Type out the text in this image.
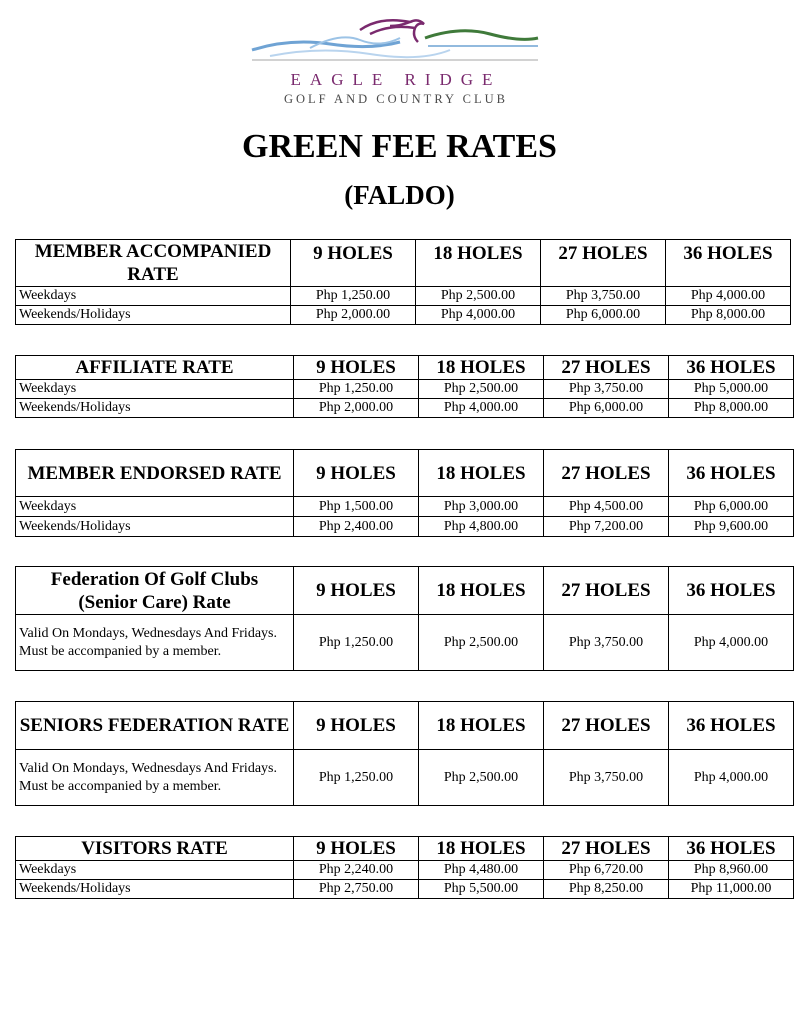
EAGLE RIDGE
GOLF AND COUNTRY CLUB
GREEN FEE RATES
(FALDO)
MEMBER ACCOMPANIED RATE	9 HOLES	18 HOLES	27 HOLES	36 HOLES
Weekdays	Php 1,250.00	Php 2,500.00	Php 3,750.00	Php 4,000.00
Weekends/Holidays	Php 2,000.00	Php 4,000.00	Php 6,000.00	Php 8,000.00
AFFILIATE RATE	9 HOLES	18 HOLES	27 HOLES	36 HOLES
Weekdays	Php 1,250.00	Php 2,500.00	Php 3,750.00	Php 5,000.00
Weekends/Holidays	Php 2,000.00	Php 4,000.00	Php 6,000.00	Php 8,000.00
MEMBER ENDORSED RATE	9 HOLES	18 HOLES	27 HOLES	36 HOLES
Weekdays	Php 1,500.00	Php 3,000.00	Php 4,500.00	Php 6,000.00
Weekends/Holidays	Php 2,400.00	Php 4,800.00	Php 7,200.00	Php 9,600.00
Federation Of Golf Clubs (Senior Care) Rate	9 HOLES	18 HOLES	27 HOLES	36 HOLES
Valid On Mondays, Wednesdays And Fridays. Must be accompanied by a member.	Php 1,250.00	Php 2,500.00	Php 3,750.00	Php 4,000.00
SENIORS FEDERATION RATE	9 HOLES	18 HOLES	27 HOLES	36 HOLES
Valid On Mondays, Wednesdays And Fridays. Must be accompanied by a member.	Php 1,250.00	Php 2,500.00	Php 3,750.00	Php 4,000.00
VISITORS RATE	9 HOLES	18 HOLES	27 HOLES	36 HOLES
Weekdays	Php 2,240.00	Php 4,480.00	Php 6,720.00	Php 8,960.00
Weekends/Holidays	Php 2,750.00	Php 5,500.00	Php 8,250.00	Php 11,000.00
